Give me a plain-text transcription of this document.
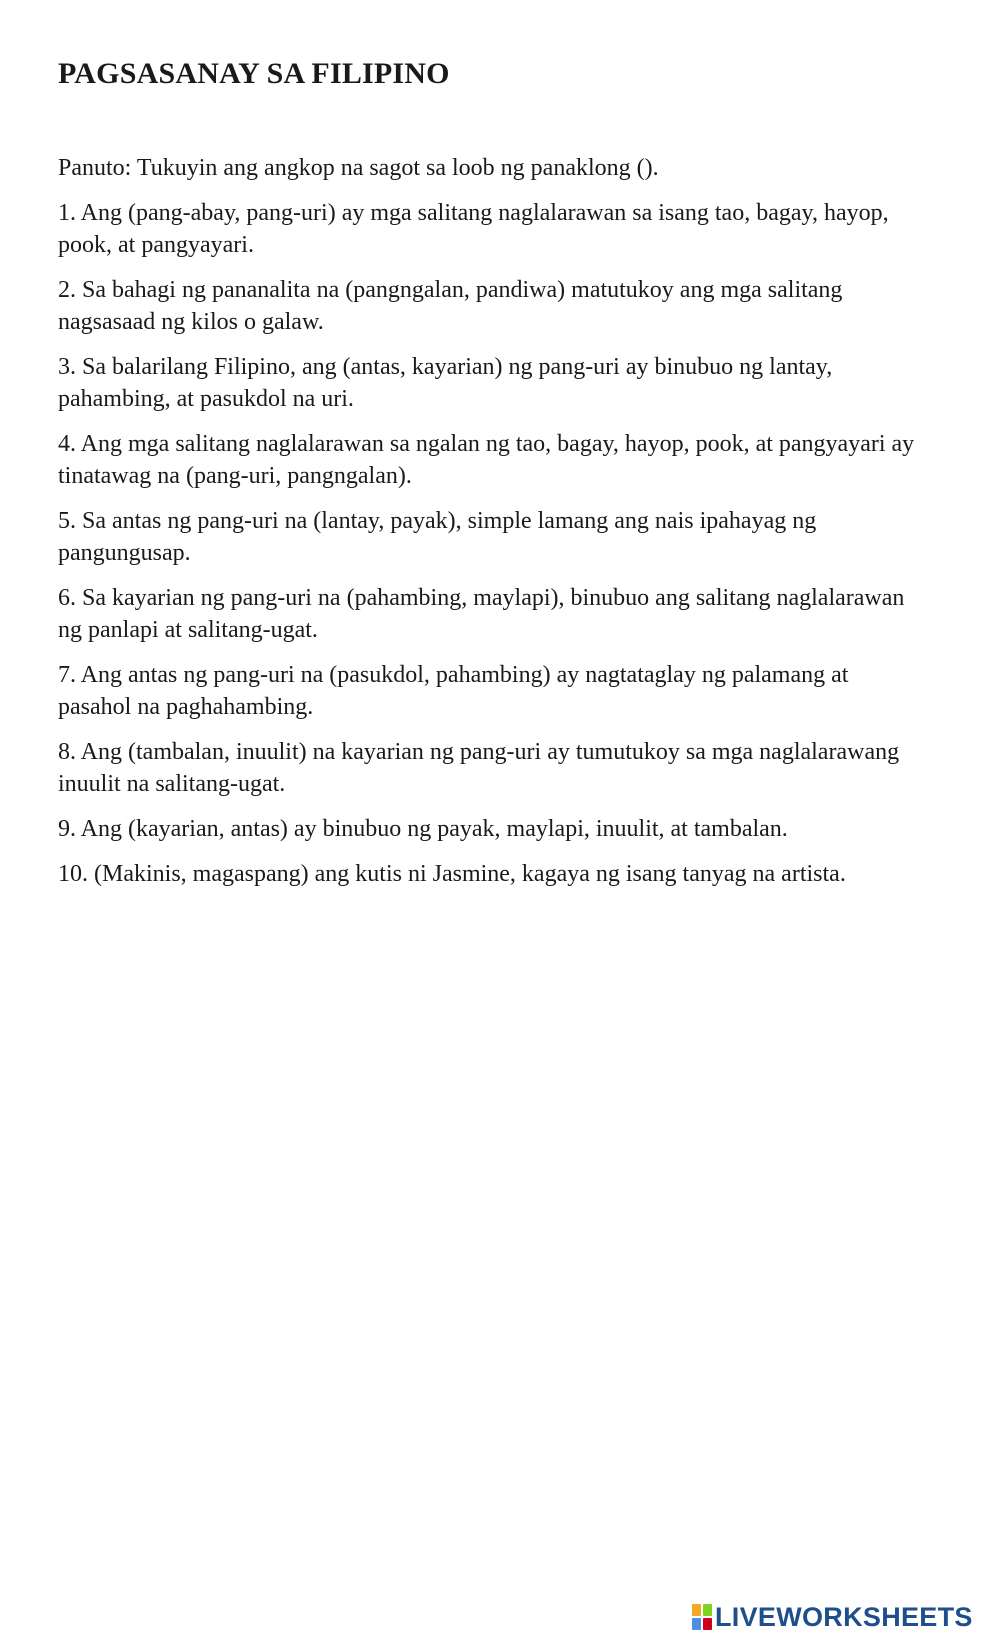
PAGSASANAY SA FILIPINO

Panuto: Tukuyin ang angkop na sagot sa loob ng panaklong ().

1. Ang (pang-abay, pang-uri) ay mga salitang naglalarawan sa isang tao, bagay, hayop, pook, at pangyayari.

2. Sa bahagi ng pananalita na (pangngalan, pandiwa) matutukoy ang mga salitang nagsasaad ng kilos o galaw.

3. Sa balarilang Filipino, ang (antas, kayarian) ng pang-uri ay binubuo ng lantay, pahambing, at pasukdol na uri.

4. Ang mga salitang naglalarawan sa ngalan ng tao, bagay, hayop, pook, at pangyayari ay tinatawag na (pang-uri, pangngalan).

5. Sa antas ng pang-uri na (lantay, payak), simple lamang ang nais ipahayag ng pangungusap.

6. Sa kayarian ng pang-uri na (pahambing, maylapi), binubuo ang salitang naglalarawan ng panlapi at salitang-ugat.

7. Ang antas ng pang-uri na (pasukdol, pahambing) ay nagtataglay ng palamang at pasahol na paghahambing.

8. Ang (tambalan, inuulit) na kayarian ng pang-uri ay tumutukoy sa mga naglalarawang inuulit na salitang-ugat.

9. Ang (kayarian, antas) ay binubuo ng payak, maylapi, inuulit, at tambalan.

10. (Makinis, magaspang) ang kutis ni Jasmine, kagaya ng isang tanyag na artista.

LIVEWORKSHEETS
